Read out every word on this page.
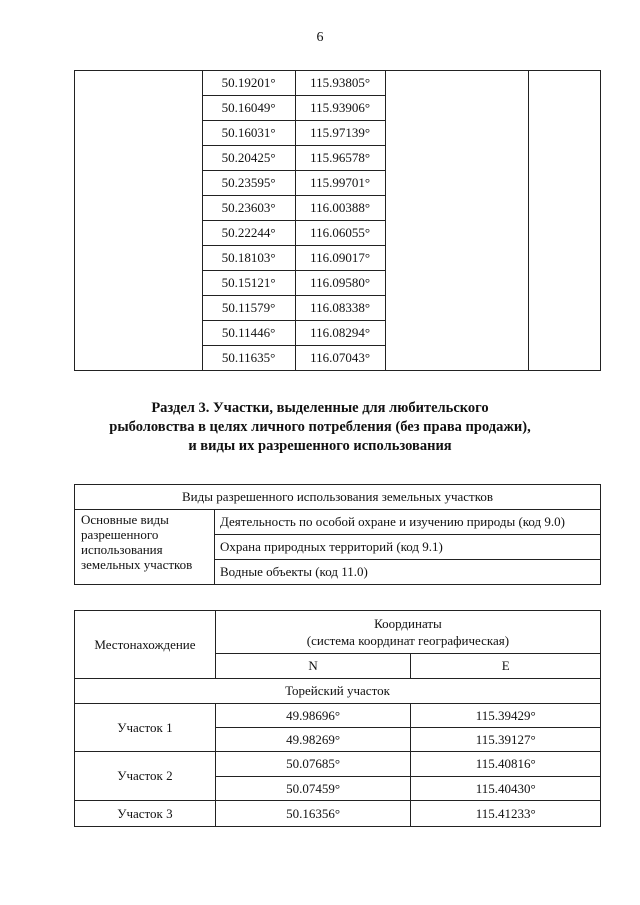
6
	50.19201°	115.93805°		
	50.16049°	115.93906°		
	50.16031°	115.97139°		
	50.20425°	115.96578°		
	50.23595°	115.99701°		
	50.23603°	116.00388°		
	50.22244°	116.06055°		
	50.18103°	116.09017°		
	50.15121°	116.09580°		
	50.11579°	116.08338°		
	50.11446°	116.08294°		
	50.11635°	116.07043°		
Раздел 3. Участки, выделенные для любительского
рыболовства в целях личного потребления (без права продажи),
и виды их разрешенного использования
Виды разрешенного использования земельных участков
Основные виды разрешенного использования земельных участков	Деятельность по особой охране и изучению природы (код 9.0)
Охрана природных территорий (код 9.1)
Водные объекты (код 11.0)
Местонахождение	Координаты
(система координат географическая)	

	N	E
Торейский участок		
Участок 1	49.98696°	115.39429°
	49.98269°	115.39127°
Участок 2	50.07685°	115.40816°
	50.07459°	115.40430°
Участок 3	50.16356°	115.41233°
